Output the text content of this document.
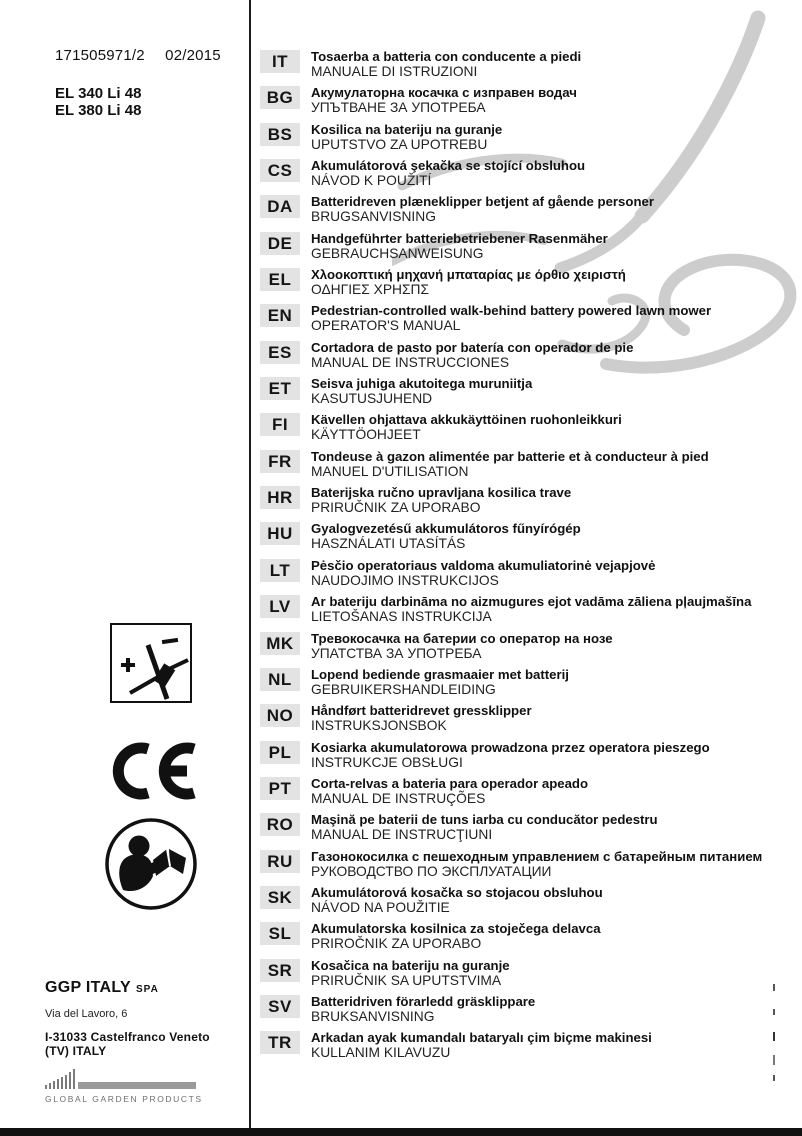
171505971/2 02/2015
EL 340 Li 48
EL 380 Li 48
GGP ITALY SPA
Via del Lavoro, 6
I-31033 Castelfranco Veneto (TV) ITALY
GLOBAL GARDEN PRODUCTS
IT	Tosaerba a batteria con conducente a piedi
MANUALE DI ISTRUZIONI
BG	Акумулаторна косачка с изправен водач
УПЪТВАНЕ ЗА УПОТРЕБА
BS	Kosilica na bateriju na guranje
UPUTSTVO ZA UPOTREBU
CS	Akumulátorová şekačka se stojící obsluhou
NÁVOD K POUŽITÍ
DA	Batteridreven plæneklipper betjent af gående personer
BRUGSANVISNING
DE	Handgeführter batteriebetriebener Rasenmäher
GEBRAUCHSANWEISUNG
EL	Χλοοκοπτική μηχανή μπαταρίας με όρθιο χειριστή
ΟΔΗΓΙΕΣ ΧΡΗΣΠΣ
EN	Pedestrian-controlled walk-behind battery powered lawn mower
OPERATOR'S MANUAL
ES	Cortadora de pasto por batería con operador de pie
MANUAL DE INSTRUCCIONES
ET	Seisva juhiga akutoitega muruniitja
KASUTUSJUHEND
FI	Kävellen ohjattava akkukäyttöinen ruohonleikkuri
KÄYTTÖOHJEET
FR	Tondeuse à gazon alimentée par batterie et à conducteur à pied
MANUEL D'UTILISATION
HR	Baterijska ručno upravljana kosilica trave
PRIRUČNIK ZA UPORABO
HU	Gyalogvezetésű akkumulátoros fűnyírógép
HASZNÁLATI UTASÍTÁS
LT	Pėsčio operatoriaus valdoma akumuliatorinė vejapjovė
NAUDOJIMO INSTRUKCIJOS
LV	Ar bateriju darbināma no aizmugures ejot vadāma zāliena pļaujmašīna
LIETOŠANAS INSTRUKCIJA
MK	Тревокосачка на батерии со оператор на нозе
УПАТСТВА ЗА УПОТРЕБА
NL	Lopend bediende grasmaaier met batterij
GEBRUIKERSHANDLEIDING
NO	Håndført batteridrevet gressklipper
INSTRUKSJONSBOK
PL	Kosiarka akumulatorowa prowadzona przez operatora pieszego
INSTRUKCJE OBSŁUGI
PT	Corta-relvas a bateria para operador apeado
MANUAL DE INSTRUÇÕES
RO	Maşină pe baterii de tuns iarba cu conducător pedestru
MANUAL DE INSTRUCŢIUNI
RU	Газонокосилка с пешеходным управлением с батарейным питанием
РУКОВОДСТВО ПО ЭКСПЛУАТАЦИИ
SK	Akumulátorová kosačka so stojacou obsluhou
NÁVOD NA POUŽITIE
SL	Akumulatorska kosilnica za stoječega delavca
PRIROČNIK ZA UPORABO
SR	Kosačica na bateriju na guranje
PRIRUČNIK SA UPUTSTVIMA
SV	Batteridriven förarledd gräsklippare
BRUKSANVISNING
TR	Arkadan ayak kumandalı bataryalı çim biçme makinesi
KULLANIM KILAVUZU
